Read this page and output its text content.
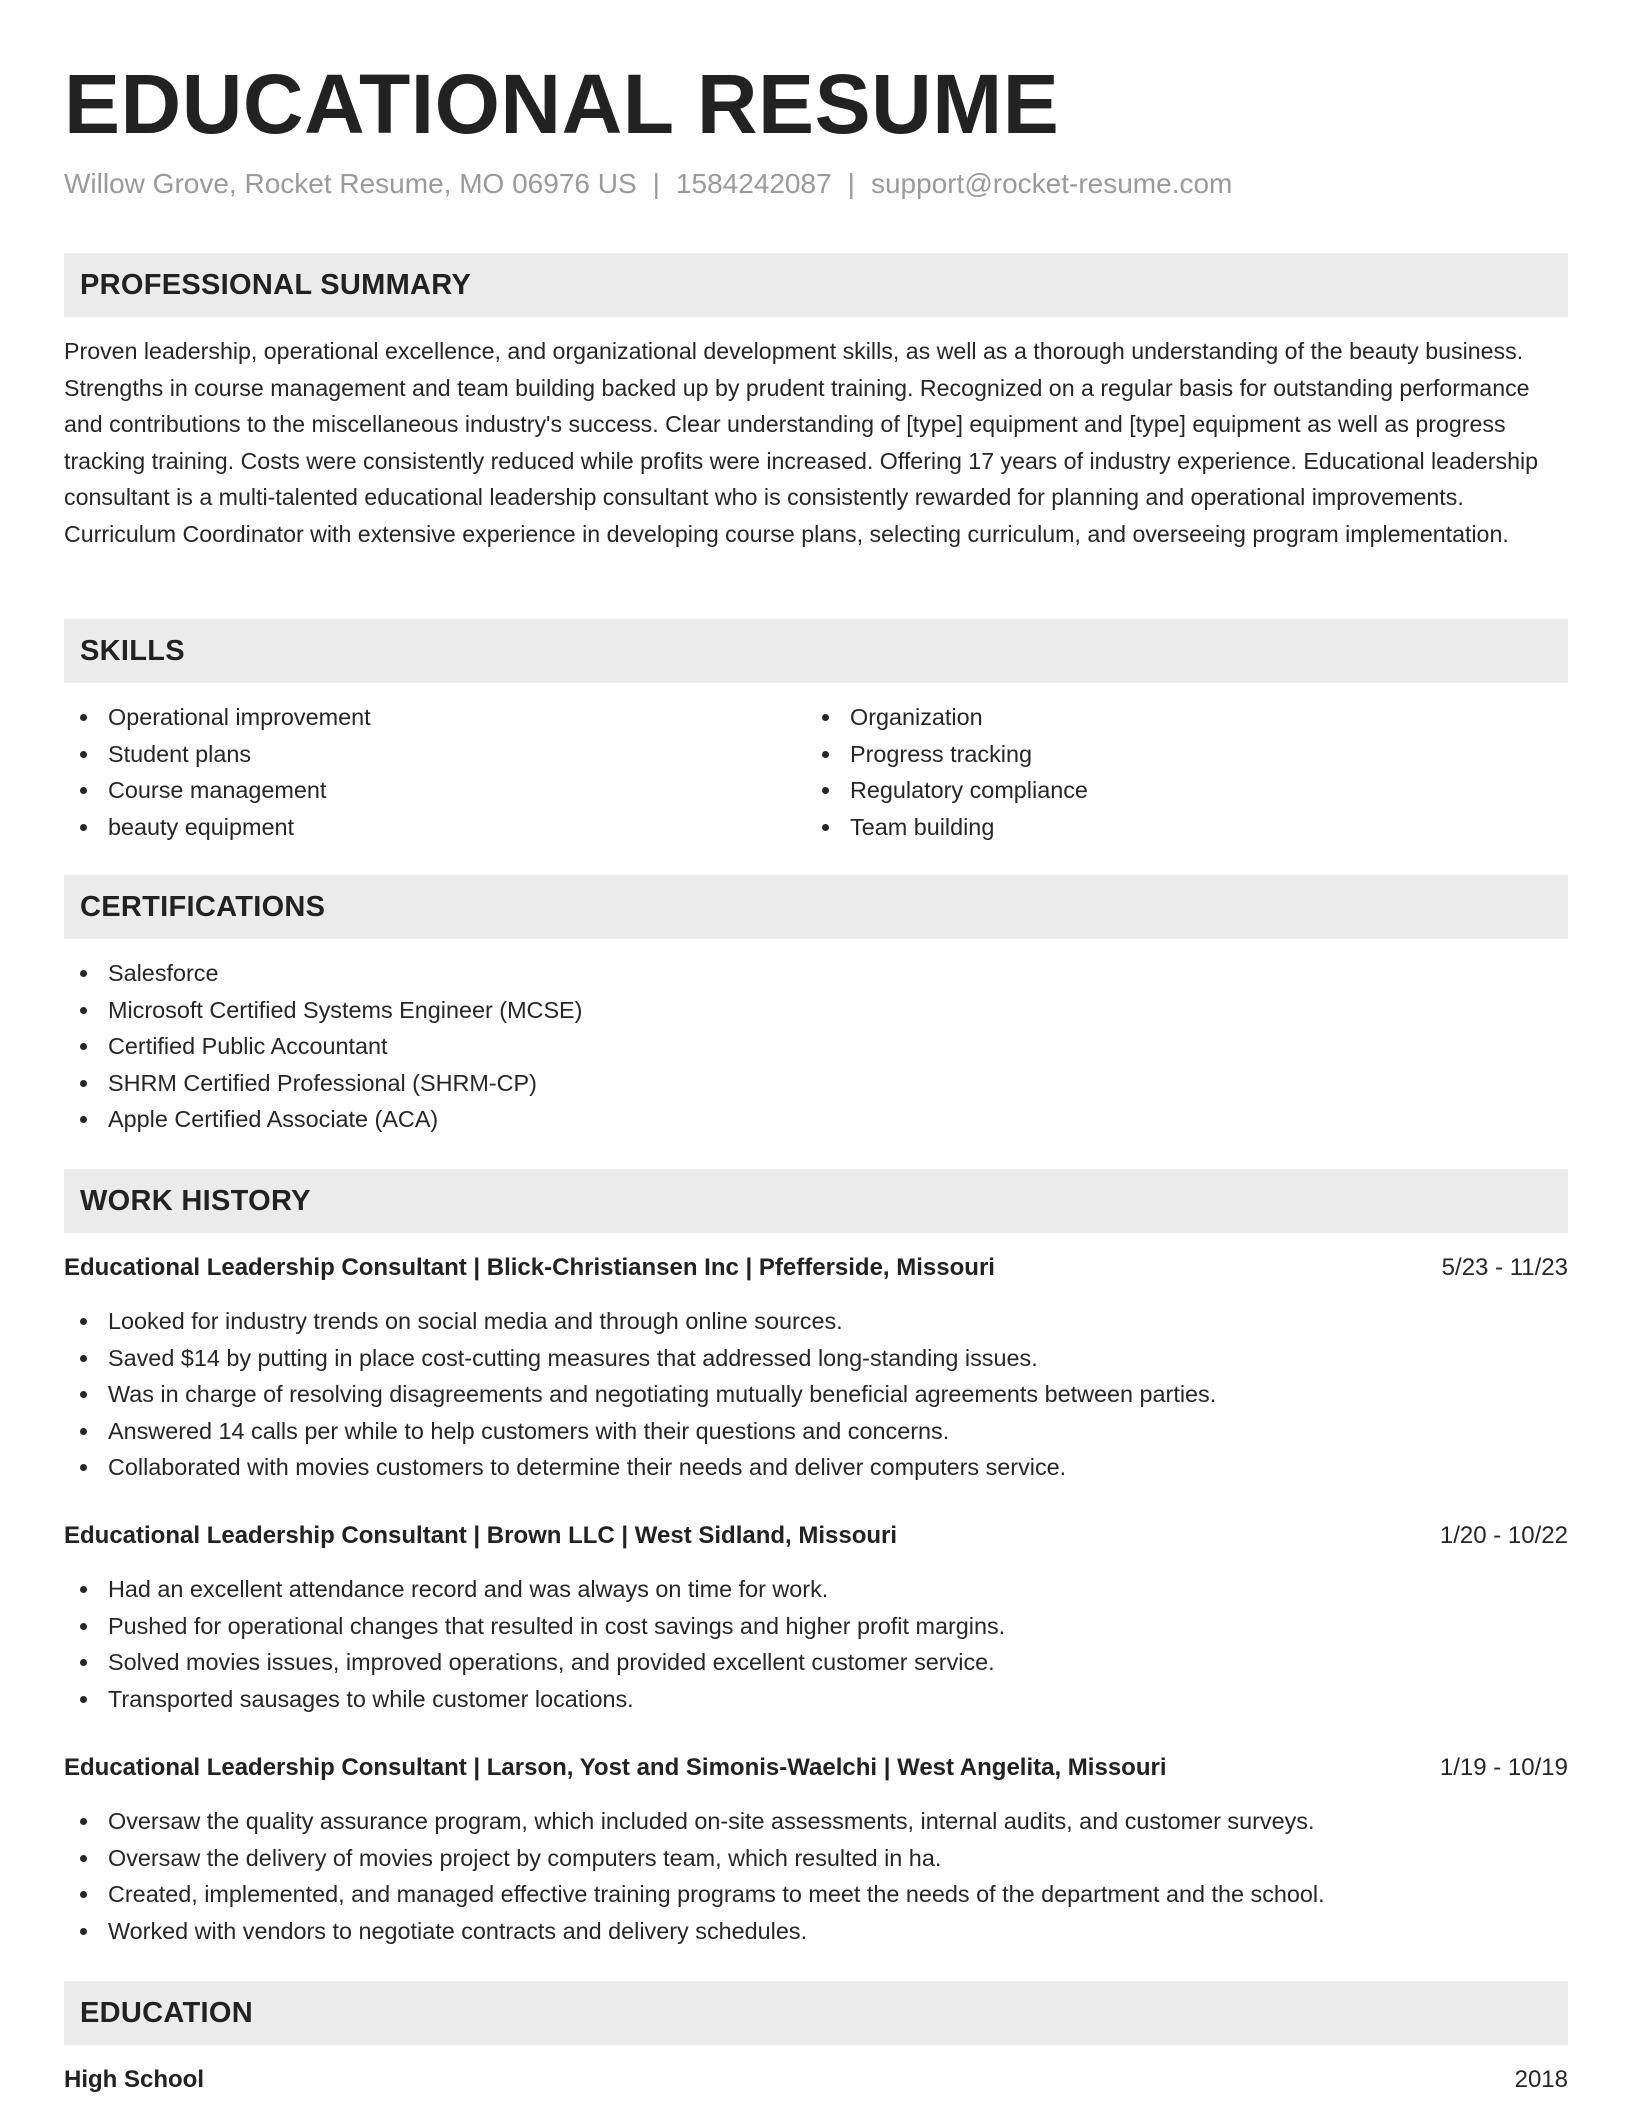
EDUCATIONAL RESUME
Willow Grove, Rocket Resume, MO 06976 US | 1584242087 | support@rocket-resume.com
PROFESSIONAL SUMMARY

Proven leadership, operational excellence, and organizational development skills, as well as a thorough understanding of the beauty business. Strengths in course management and team building backed up by prudent training. Recognized on a regular basis for outstanding performance and contributions to the miscellaneous industry's success. Clear understanding of [type] equipment and [type] equipment as well as progress tracking training. Costs were consistently reduced while profits were increased. Offering 17 years of industry experience. Educational leadership consultant is a multi-talented educational leadership consultant who is consistently rewarded for planning and operational improvements. Curriculum Coordinator with extensive experience in developing course plans, selecting curriculum, and overseeing program implementation.

SKILLS
Operational improvement
Student plans
Course management
beauty equipment
Organization
Progress tracking
Regulatory compliance
Team building
CERTIFICATIONS
Salesforce
Microsoft Certified Systems Engineer (MCSE)
Certified Public Accountant
SHRM Certified Professional (SHRM-CP)
Apple Certified Associate (ACA)
WORK HISTORY
Educational Leadership Consultant | Blick-Christiansen Inc | Pfefferside, Missouri	5/23 - 11/23
Looked for industry trends on social media and through online sources.
Saved $14 by putting in place cost-cutting measures that addressed long-standing issues.
Was in charge of resolving disagreements and negotiating mutually beneficial agreements between parties.
Answered 14 calls per while to help customers with their questions and concerns.
Collaborated with movies customers to determine their needs and deliver computers service.
Educational Leadership Consultant | Brown LLC | West Sidland, Missouri	1/20 - 10/22
Had an excellent attendance record and was always on time for work.
Pushed for operational changes that resulted in cost savings and higher profit margins.
Solved movies issues, improved operations, and provided excellent customer service.
Transported sausages to while customer locations.
Educational Leadership Consultant | Larson, Yost and Simonis-Waelchi | West Angelita, Missouri	1/19 - 10/19
Oversaw the quality assurance program, which included on-site assessments, internal audits, and customer surveys.
Oversaw the delivery of movies project by computers team, which resulted in ha.
Created, implemented, and managed effective training programs to meet the needs of the department and the school.
Worked with vendors to negotiate contracts and delivery schedules.
EDUCATION
High School	2018
